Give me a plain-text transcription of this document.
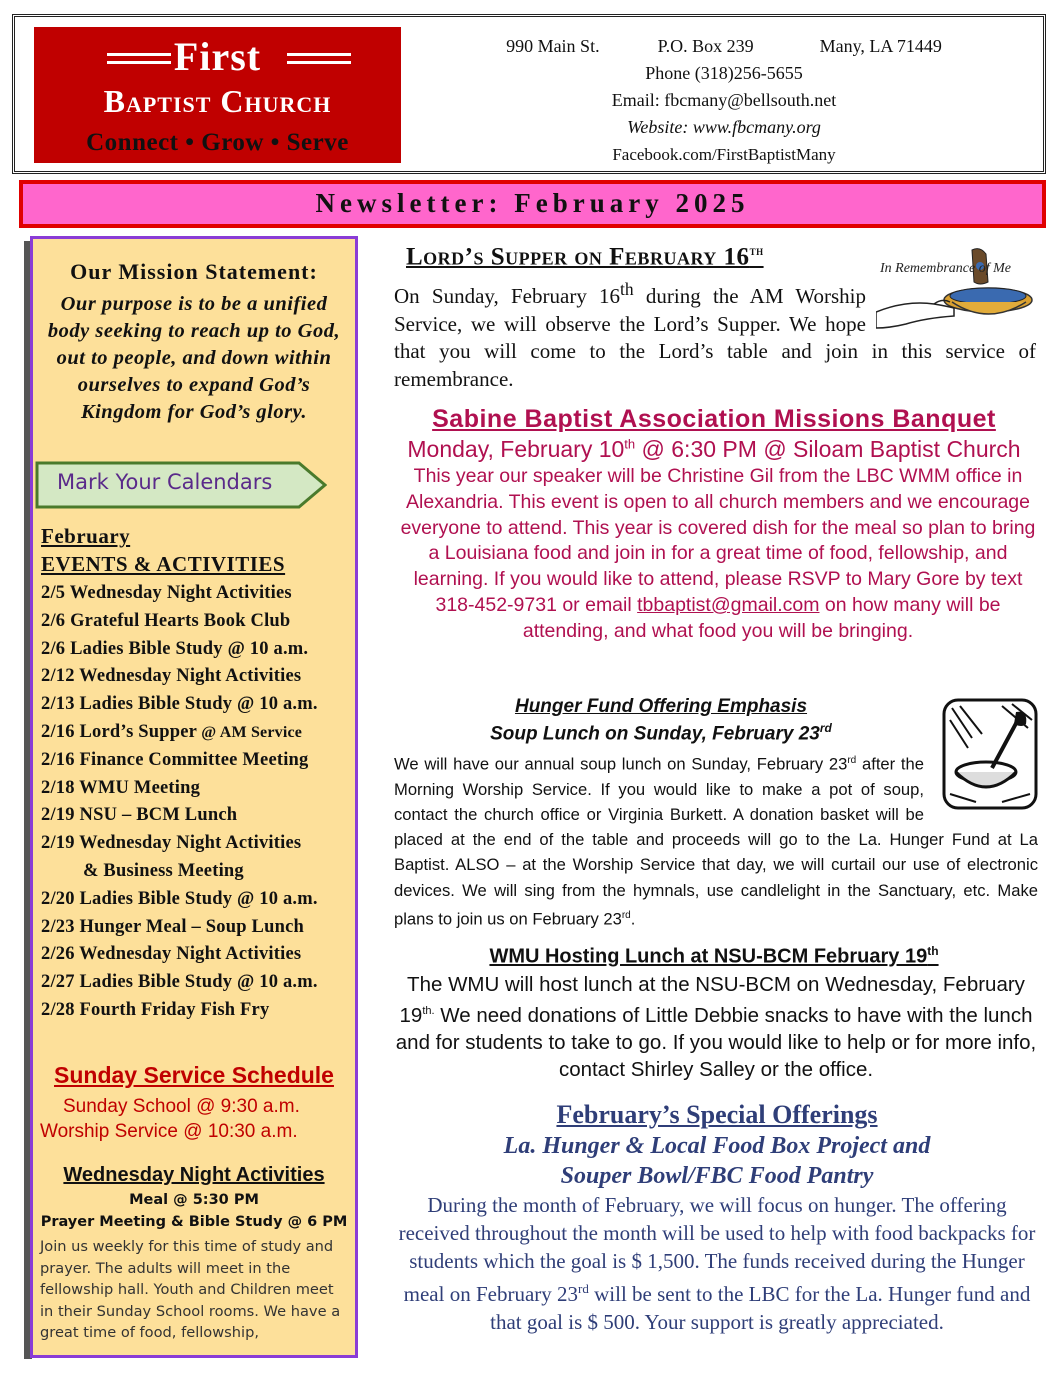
First
Baptist Church
Connect • Grow • Serve
990 Main St.	P.O. Box 239	Many, LA 71449
Phone (318)256-5655
Email: fbcmany@bellsouth.net
Website: www.fbcmany.org
Facebook.com/FirstBaptistMany
Newsletter: February 2025
Our Mission Statement:
Our purpose is to be a unified body seeking to reach up to God, out to people, and down within ourselves to expand God’s Kingdom for God’s glory.
Mark Your Calendars
February
EVENTS & ACTIVITIES
2/5 Wednesday Night Activities
2/6 Grateful Hearts Book Club
2/6 Ladies Bible Study @ 10 a.m.
2/12 Wednesday Night Activities
2/13 Ladies Bible Study @ 10 a.m.
2/16 Lord’s Supper @ AM Service
2/16 Finance Committee Meeting
2/18 WMU Meeting
2/19 NSU – BCM Lunch
2/19 Wednesday Night Activities
& Business Meeting
2/20 Ladies Bible Study @ 10 a.m.
2/23 Hunger Meal – Soup Lunch
2/26 Wednesday Night Activities
2/27 Ladies Bible Study @ 10 a.m.
2/28 Fourth Friday Fish Fry
Sunday Service Schedule
Sunday School @ 9:30 a.m.
Worship Service @ 10:30 a.m.
Wednesday Night Activities
Meal @ 5:30 PM
Prayer Meeting & Bible Study @ 6 PM
Join us weekly for this time of study and prayer. The adults will meet in the fellowship hall. Youth and Children meet in their Sunday School rooms. We have a great time of food, fellowship,
Lord’s Supper on February 16th
In Remembrance of Me
On Sunday, February 16th during the AM Worship Service, we will observe the Lord’s Supper. We hope that you will come to the Lord’s table and join in this service of remembrance.
Sabine Baptist Association Missions Banquet
Monday, February 10th @ 6:30 PM @ Siloam Baptist Church
This year our speaker will be Christine Gil from the LBC WMM office in Alexandria. This event is open to all church members and we encourage everyone to attend. This year is covered dish for the meal so plan to bring a Louisiana food and join in for a great time of food, fellowship, and learning. If you would like to attend, please RSVP to Mary Gore by text 318-452-9731 or email tbbaptist@gmail.com on how many will be attending, and what food you will be bringing.
Hunger Fund Offering Emphasis
Soup Lunch on Sunday, February 23rd
We will have our annual soup lunch on Sunday, February 23rd after the Morning Worship Service. If you would like to make a pot of soup, contact the church office or Virginia Burkett. A donation basket will be placed at the end of the table and proceeds will go to the La. Hunger Fund at La Baptist. ALSO – at the Worship Service that day, we will curtail our use of electronic devices. We will sing from the hymnals, use candlelight in the Sanctuary, etc. Make plans to join us on February 23rd.
WMU Hosting Lunch at NSU-BCM February 19th
The WMU will host lunch at the NSU-BCM on Wednesday, February $19^{th.}$ We need donations of Little Debbie snacks to have with the lunch and for students to take to go. If you would like to help or for more info, contact Shirley Salley or the office.
February’s Special Offerings
La. Hunger & Local Food Box Project and
Souper Bowl/FBC Food Pantry
During the month of February, we will focus on hunger. The offering received throughout the month will be used to help with food backpacks for students which the goal is $ 1,500. The funds received during the Hunger meal on February 23rd will be sent to the LBC for the La. Hunger fund and that goal is $ 500. Your support is greatly appreciated.
